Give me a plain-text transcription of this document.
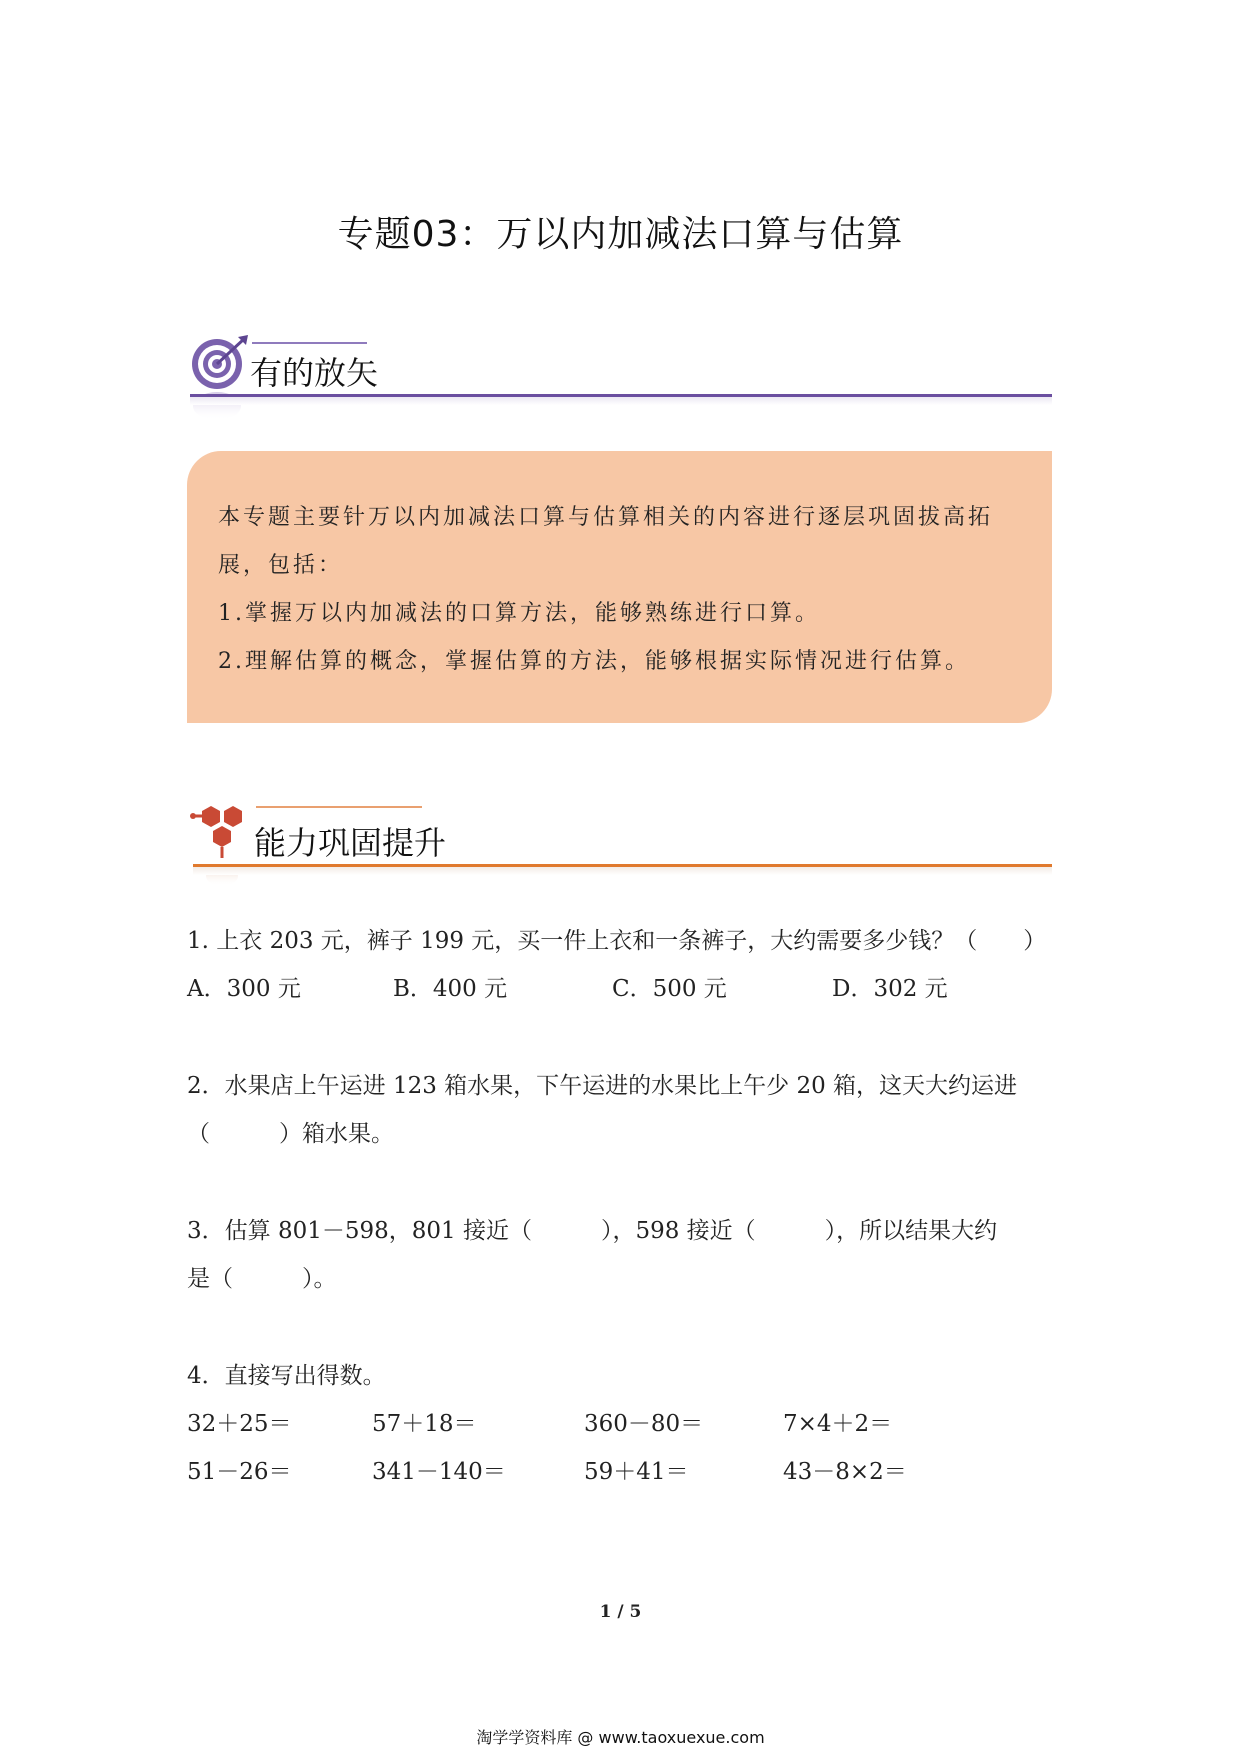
专题03：万以内加减法口算与估算
有的放矢
本专题主要针万以内加减法口算与估算相关的内容进行逐层巩固拔高拓
展，包括：
1.掌握万以内加减法的口算方法，能够熟练进行口算。
2.理解估算的概念，掌握估算的方法，能够根据实际情况进行估算。
能力巩固提升
1. 上衣 203 元，裤子 199 元，买一件上衣和一条裤子，大约需要多少钱？（　　）
A．300 元	B．400 元	C．500 元	D．302 元
2．水果店上午运进 123 箱水果，下午运进的水果比上午少 20 箱，这天大约运进
（　　　）箱水果。
3．估算 801－598，801 接近（　　　），598 接近（　　　），所以结果大约
是（　　　）。
4．直接写出得数。
32＋25＝	57＋18＝	360－80＝	7×4＋2＝
51－26＝	341－140＝	59＋41＝	43－8×2＝
1 / 5
淘学学资料库 @ www.taoxuexue.com
